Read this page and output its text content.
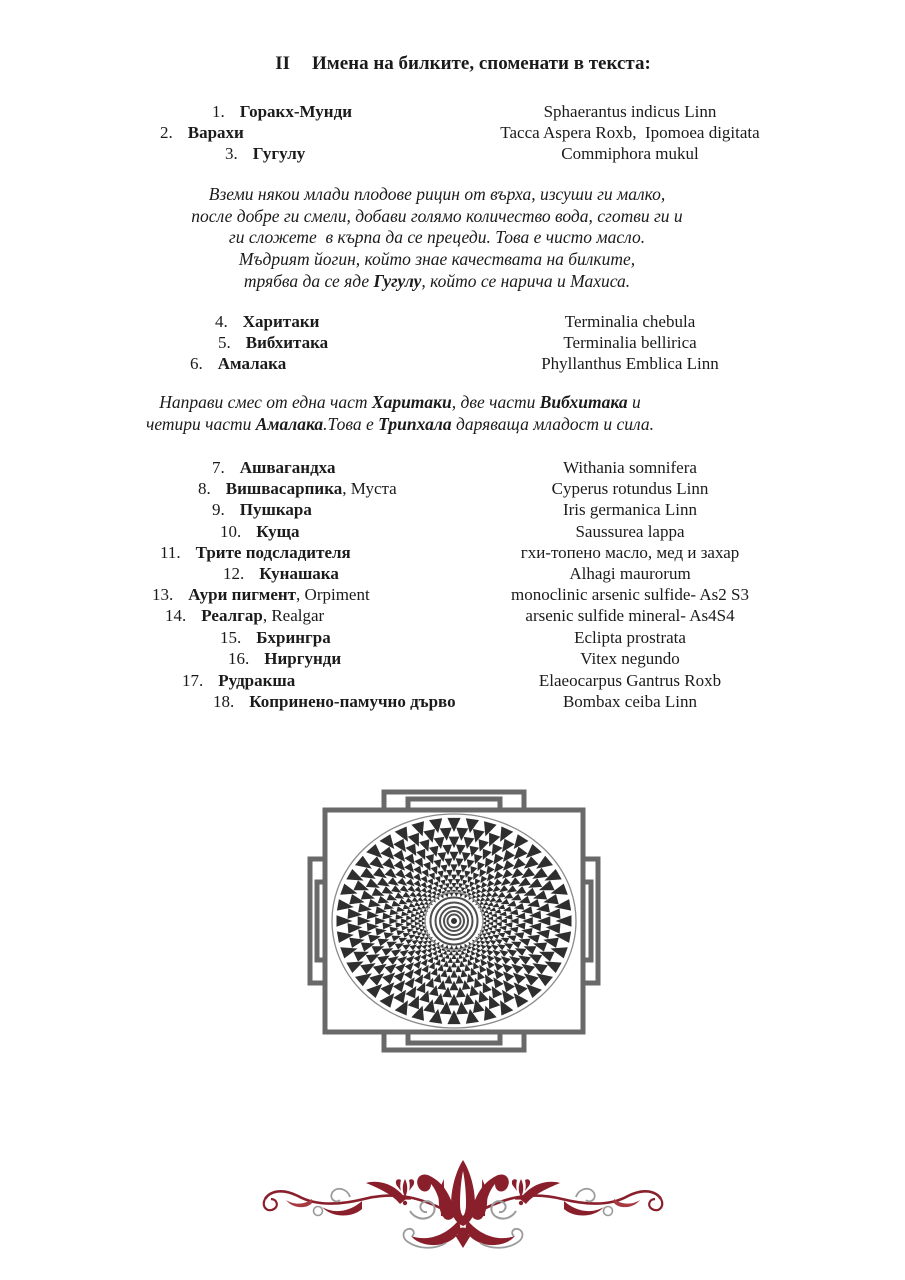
II Имена на билките, споменати в текста:
1. Горакх-Мунди	Sphaerantus indicus Linn
2. Варахи	Tacca Aspera Roxb,  Ipomoea digitata
3. Гугулу	Commiphora mukul
Вземи някои млади плодове рицин от върха, изсуши ги малко,
после добре ги смели, добави голямо количество вода, сготви ги и
ги сложете  в кърпа да се прецеди. Това е чисто масло.
Мъдрият йогин, който знае качествата на билките,
трябва да се яде Гугулу, който се нарича и Махиса.
4. Харитаки	Terminalia chebula
5. Вибхитака	Terminalia bellirica
6. Амалака	Phyllanthus Emblica Linn
Направи смес от една част Харитаки, две части Вибхитака и
четири части Амалака.Това е Трипхала даряваща младост и сила.
7. Ашвагандха	Withania somnifera
8. Вишвасарпика, Муста	Cyperus rotundus Linn
9. Пушкара	Iris germanica Linn
10. Куща	Saussurea lappa
11. Трите подсладителя	гхи-топено масло, мед и захар
12. Кунашака	Alhagi maurorum
13. Аури пигмент, Orpiment	monoclinic arsenic sulfide- As2 S3
14. Реалгар, Realgar	arsenic sulfide mineral- As4S4
15. Бхрингра	Eclipta prostrata
16. Ниргунди	Vitex negundo
17. Рудракша	Elaeocarpus Gantrus Roxb
18. Копринено-памучно дърво	Bombax ceiba Linn
